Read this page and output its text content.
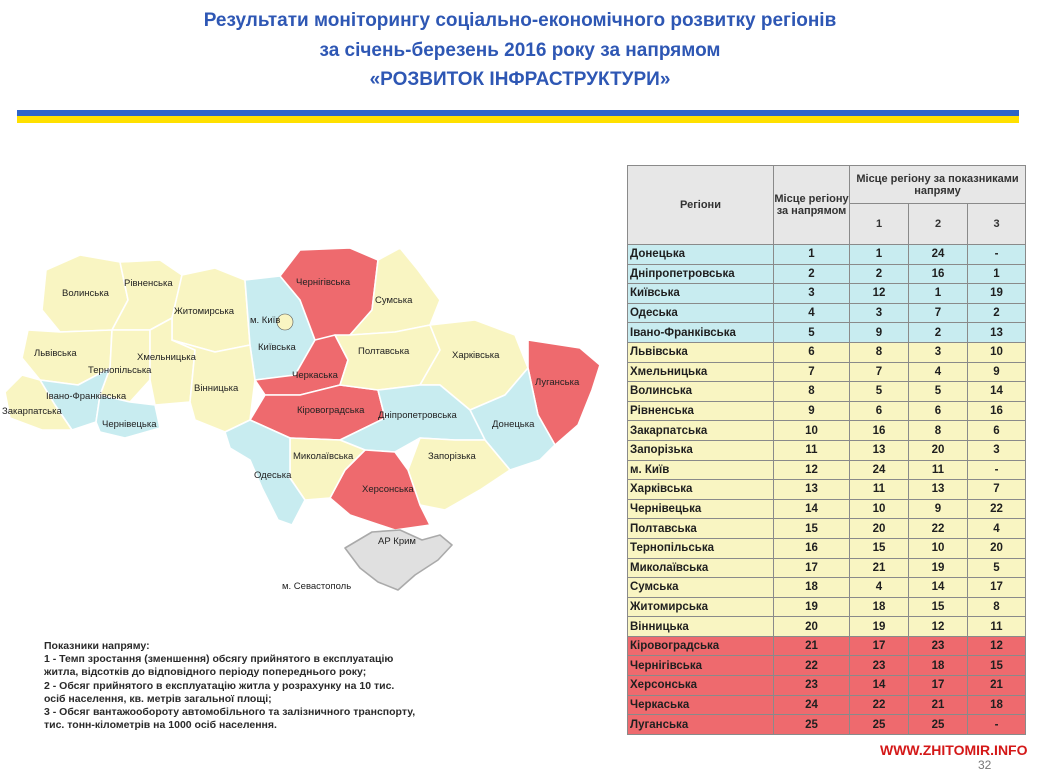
Результати моніторингу соціально-економічного розвитку регіонів
за січень-березень 2016 року за напрямом
«РОЗВИТОК ІНФРАСТРУКТУРИ»
Волинська
Рівненська
Житомирська
Чернігівська
Сумська
м. Київ
Київська
Львівська	Хмельницька
Тернопільська
Полтавська	Харківська
Луганська
Івано-Франківська
Вінницька
Черкаська
Закарпатська
Чернівецька
Кіровоградська Дніпропетровська
Донецька
Одеська
Миколаївська	Запорізька
Херсонська
АР Крим
м. Севастополь
Показники напряму:
1 - Темп зростання (зменшення) обсягу прийнятого в експлуатацію
житла, відсотків до відповідного періоду попереднього року;
2 - Обсяг прийнятого в експлуатацію житла у розрахунку на 10 тис.
осіб населення, кв. метрів загальної площі;
3 - Обсяг вантажообороту автомобільного та залізничного транспорту,
тис. тонн-кілометрів на 1000 осіб населення.
Регіони	Місце регіону за напрямом	Місце регіону за показниками напряму		
		1	2	3
Донецька	1	1	24	-
Дніпропетровська	2	2	16	1
Київська	3	12	1	19
Одеська	4	3	7	2
Івано-Франківська	5	9	2	13
Львівська	6	8	3	10
Хмельницька	7	7	4	9
Волинська	8	5	5	14
Рівненська	9	6	6	16
Закарпатська	10	16	8	6
Запорізька	11	13	20	3
м. Київ	12	24	11	-
Харківська	13	11	13	7
Чернівецька	14	10	9	22
Полтавська	15	20	22	4
Тернопільська	16	15	10	20
Миколаївська	17	21	19	5
Сумська	18	4	14	17
Житомирська	19	18	15	8
Вінницька	20	19	12	11
Кіровоградська	21	17	23	12
Чернігівська	22	23	18	15
Херсонська	23	14	17	21
Черкаська	24	22	21	18
Луганська	25	25	25	-
WWW.ZHITOMIR.INFO
32
